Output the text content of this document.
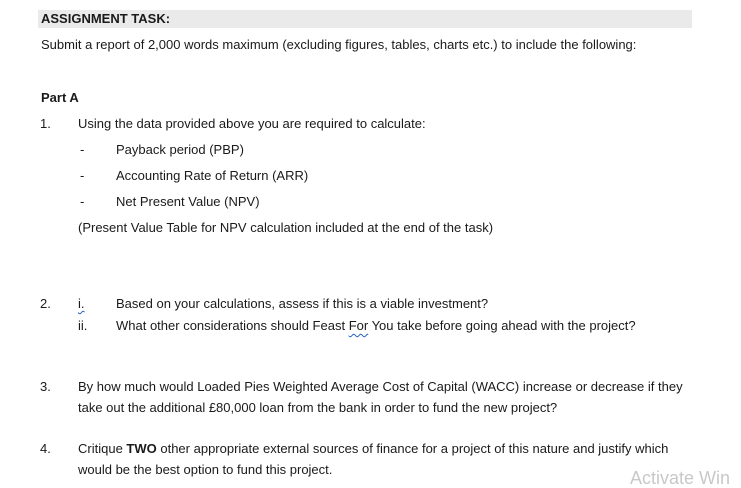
ASSIGNMENT TASK:
Submit a report of 2,000 words maximum (excluding figures, tables, charts etc.) to include the following:
Part A
1. Using the data provided above you are required to calculate:
- Payback period (PBP)
- Accounting Rate of Return (ARR)
- Net Present Value (NPV)
(Present Value Table for NPV calculation included at the end of the task)
2. i. Based on your calculations, assess if this is a viable investment?
ii. What other considerations should Feast For You take before going ahead with the project?
3. By how much would Loaded Pies Weighted Average Cost of Capital (WACC) increase or decrease if they take out the additional £80,000 loan from the bank in order to fund the new project?
4. Critique TWO other appropriate external sources of finance for a project of this nature and justify which would be the best option to fund this project.	Activate Win
